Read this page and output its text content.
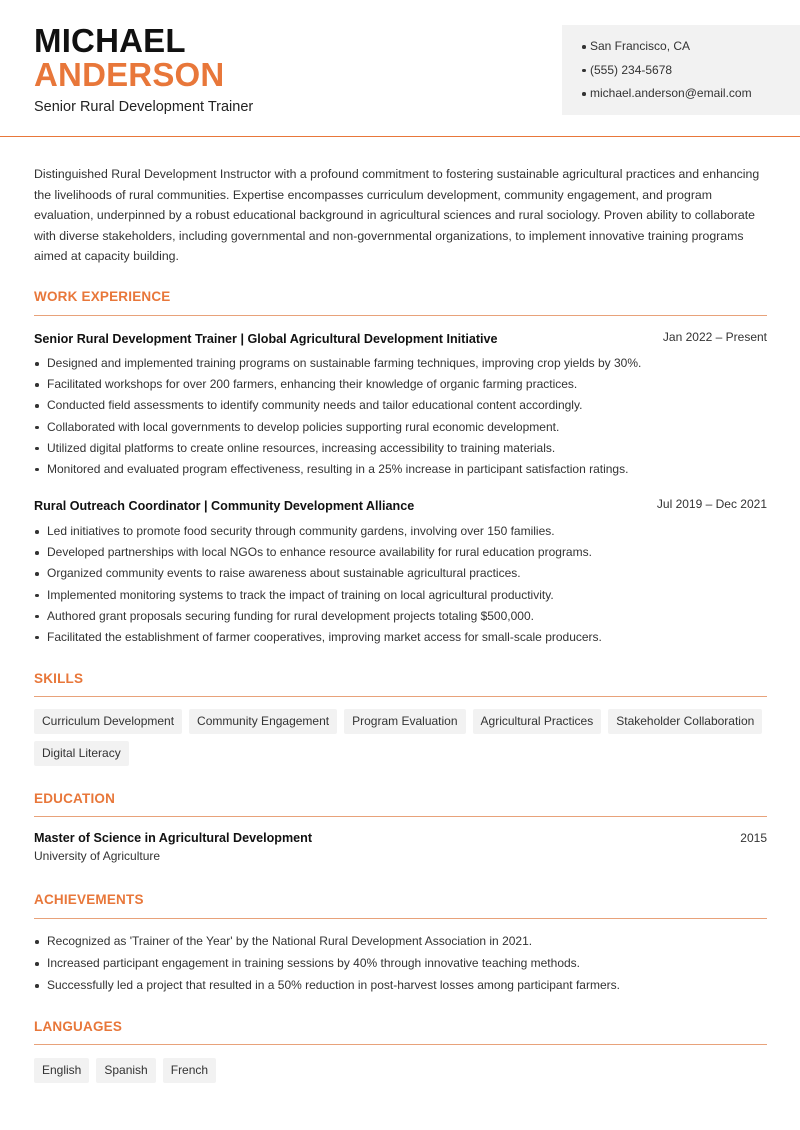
MICHAEL
ANDERSON
Senior Rural Development Trainer
San Francisco, CA
(555) 234-5678
michael.anderson@email.com

Distinguished Rural Development Instructor with a profound commitment to fostering sustainable agricultural practices and enhancing the livelihoods of rural communities. Expertise encompasses curriculum development, community engagement, and program evaluation, underpinned by a robust educational background in agricultural sciences and rural sociology. Proven ability to collaborate with diverse stakeholders, including governmental and non-governmental organizations, to implement innovative training programs aimed at capacity building.

WORK EXPERIENCE
Senior Rural Development Trainer | Global Agricultural Development Initiative	Jan 2022 – Present
Designed and implemented training programs on sustainable farming techniques, improving crop yields by 30%.
Facilitated workshops for over 200 farmers, enhancing their knowledge of organic farming practices.
Conducted field assessments to identify community needs and tailor educational content accordingly.
Collaborated with local governments to develop policies supporting rural economic development.
Utilized digital platforms to create online resources, increasing accessibility to training materials.
Monitored and evaluated program effectiveness, resulting in a 25% increase in participant satisfaction ratings.
Rural Outreach Coordinator | Community Development Alliance	Jul 2019 – Dec 2021
Led initiatives to promote food security through community gardens, involving over 150 families.
Developed partnerships with local NGOs to enhance resource availability for rural education programs.
Organized community events to raise awareness about sustainable agricultural practices.
Implemented monitoring systems to track the impact of training on local agricultural productivity.
Authored grant proposals securing funding for rural development projects totaling $500,000.
Facilitated the establishment of farmer cooperatives, improving market access for small-scale producers.
SKILLS
Curriculum Development	Community Engagement	Program Evaluation	Agricultural Practices	Stakeholder Collaboration
Digital Literacy
EDUCATION
Master of Science in Agricultural Development	2015
University of Agriculture
ACHIEVEMENTS
Recognized as 'Trainer of the Year' by the National Rural Development Association in 2021.
Increased participant engagement in training sessions by 40% through innovative teaching methods.
Successfully led a project that resulted in a 50% reduction in post-harvest losses among participant farmers.
LANGUAGES
English	Spanish	French
